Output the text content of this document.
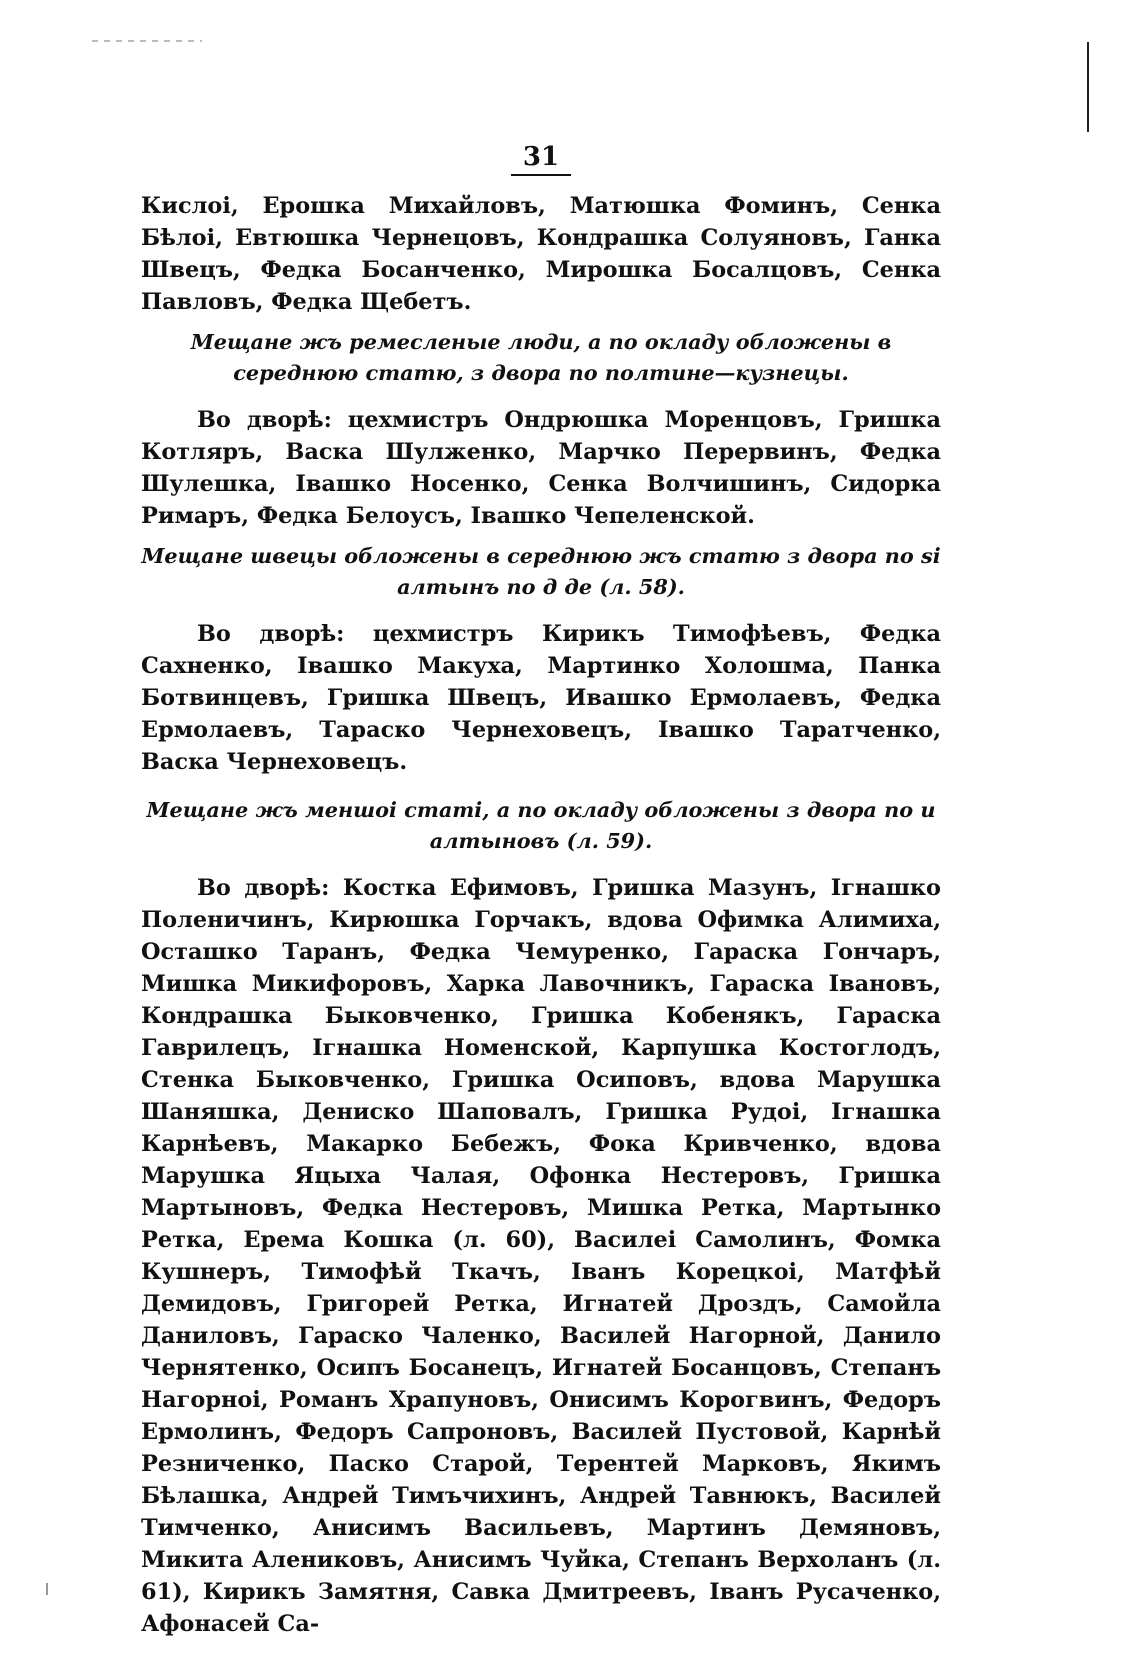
31

Кислоі, Ерошка Михайловъ, Матюшка Фоминъ, Сенка Бѣлоі, Евтюшка Чернецовъ, Кондрашка Солуяновъ, Ганка Швецъ, Федка Босанченко, Мирошка Босалцовъ, Сенка Павловъ, Федка Щебетъ.

Мещане жъ ремесленые люди, а по окладу обложены в середнюю статю, з двора по полтине—кузнецы.

Во дворѣ: цехмистръ Ондрюшка Моренцовъ, Гришка Котляръ, Васка Шулженко, Марчко Перервинъ, Федка Шулешка, Івашко Носенко, Сенка Волчишинъ, Сидорка Римаръ, Федка Белоусъ, Івашко Чепеленской.

Мещане швецы обложены в середнюю жъ статю з двора по ѕі алтынъ по д де (л. 58).

Во дворѣ: цехмистръ Кирикъ Тимофѣевъ, Федка Сахненко, Івашко Макуха, Мартинко Холошма, Панка Ботвинцевъ, Гришка Швецъ, Ивашко Ермолаевъ, Федка Ермолаевъ, Тараско Чернеховецъ, Івашко Таратченко, Васка Чернеховецъ.

Мещане жъ меншоі статі, а по окладу обложены з двора по и алтыновъ (л. 59).

Во дворѣ: Костка Ефимовъ, Гришка Мазунъ, Ігнашко Поленичинъ, Кирюшка Горчакъ, вдова Офимка Алимиха, Осташко Таранъ, Федка Чемуренко, Гараска Гончаръ, Мишка Микифоровъ, Харка Лавочникъ, Гараска Івановъ, Кондрашка Быковченко, Гришка Кобенякъ, Гараска Гаврилецъ, Ігнашка Номенской, Карпушка Костоглодъ, Стенка Быковченко, Гришка Осиповъ, вдова Марушка Шаняшка, Дениско Шаповалъ, Гришка Рудоі, Ігнашка Карнѣевъ, Макарко Бебежъ, Фока Кривченко, вдова Марушка Яцыха Чалая, Офонка Нестеровъ, Гришка Мартыновъ, Федка Нестеровъ, Мишка Ретка, Мартынко Ретка, Ерема Кошка (л. 60), Василеі Самолинъ, Фомка Кушнеръ, Тимофѣй Ткачъ, Іванъ Корецкоі, Матфѣй Демидовъ, Григорей Ретка, Игнатей Дроздъ, Самойла Даниловъ, Гараско Чаленко, Василей Нагорной, Данило Чернятенко, Осипъ Босанецъ, Игнатей Босанцовъ, Степанъ Нагорноі, Романъ Храпуновъ, Онисимъ Корогвинъ, Федоръ Ермолинъ, Федоръ Сапроновъ, Василей Пустовой, Карнѣй Резниченко, Паско Старой, Терентей Марковъ, Якимъ Бѣлашка, Андрей Тимъчихинъ, Андрей Тавнюкъ, Василей Тимченко, Анисимъ Васильевъ, Мартинъ Демяновъ, Микита Алениковъ, Анисимъ Чуйка, Степанъ Верхоланъ (л. 61), Кирикъ Замятня, Савка Дмитреевъ, Іванъ Русаченко, Афонасей Са-
